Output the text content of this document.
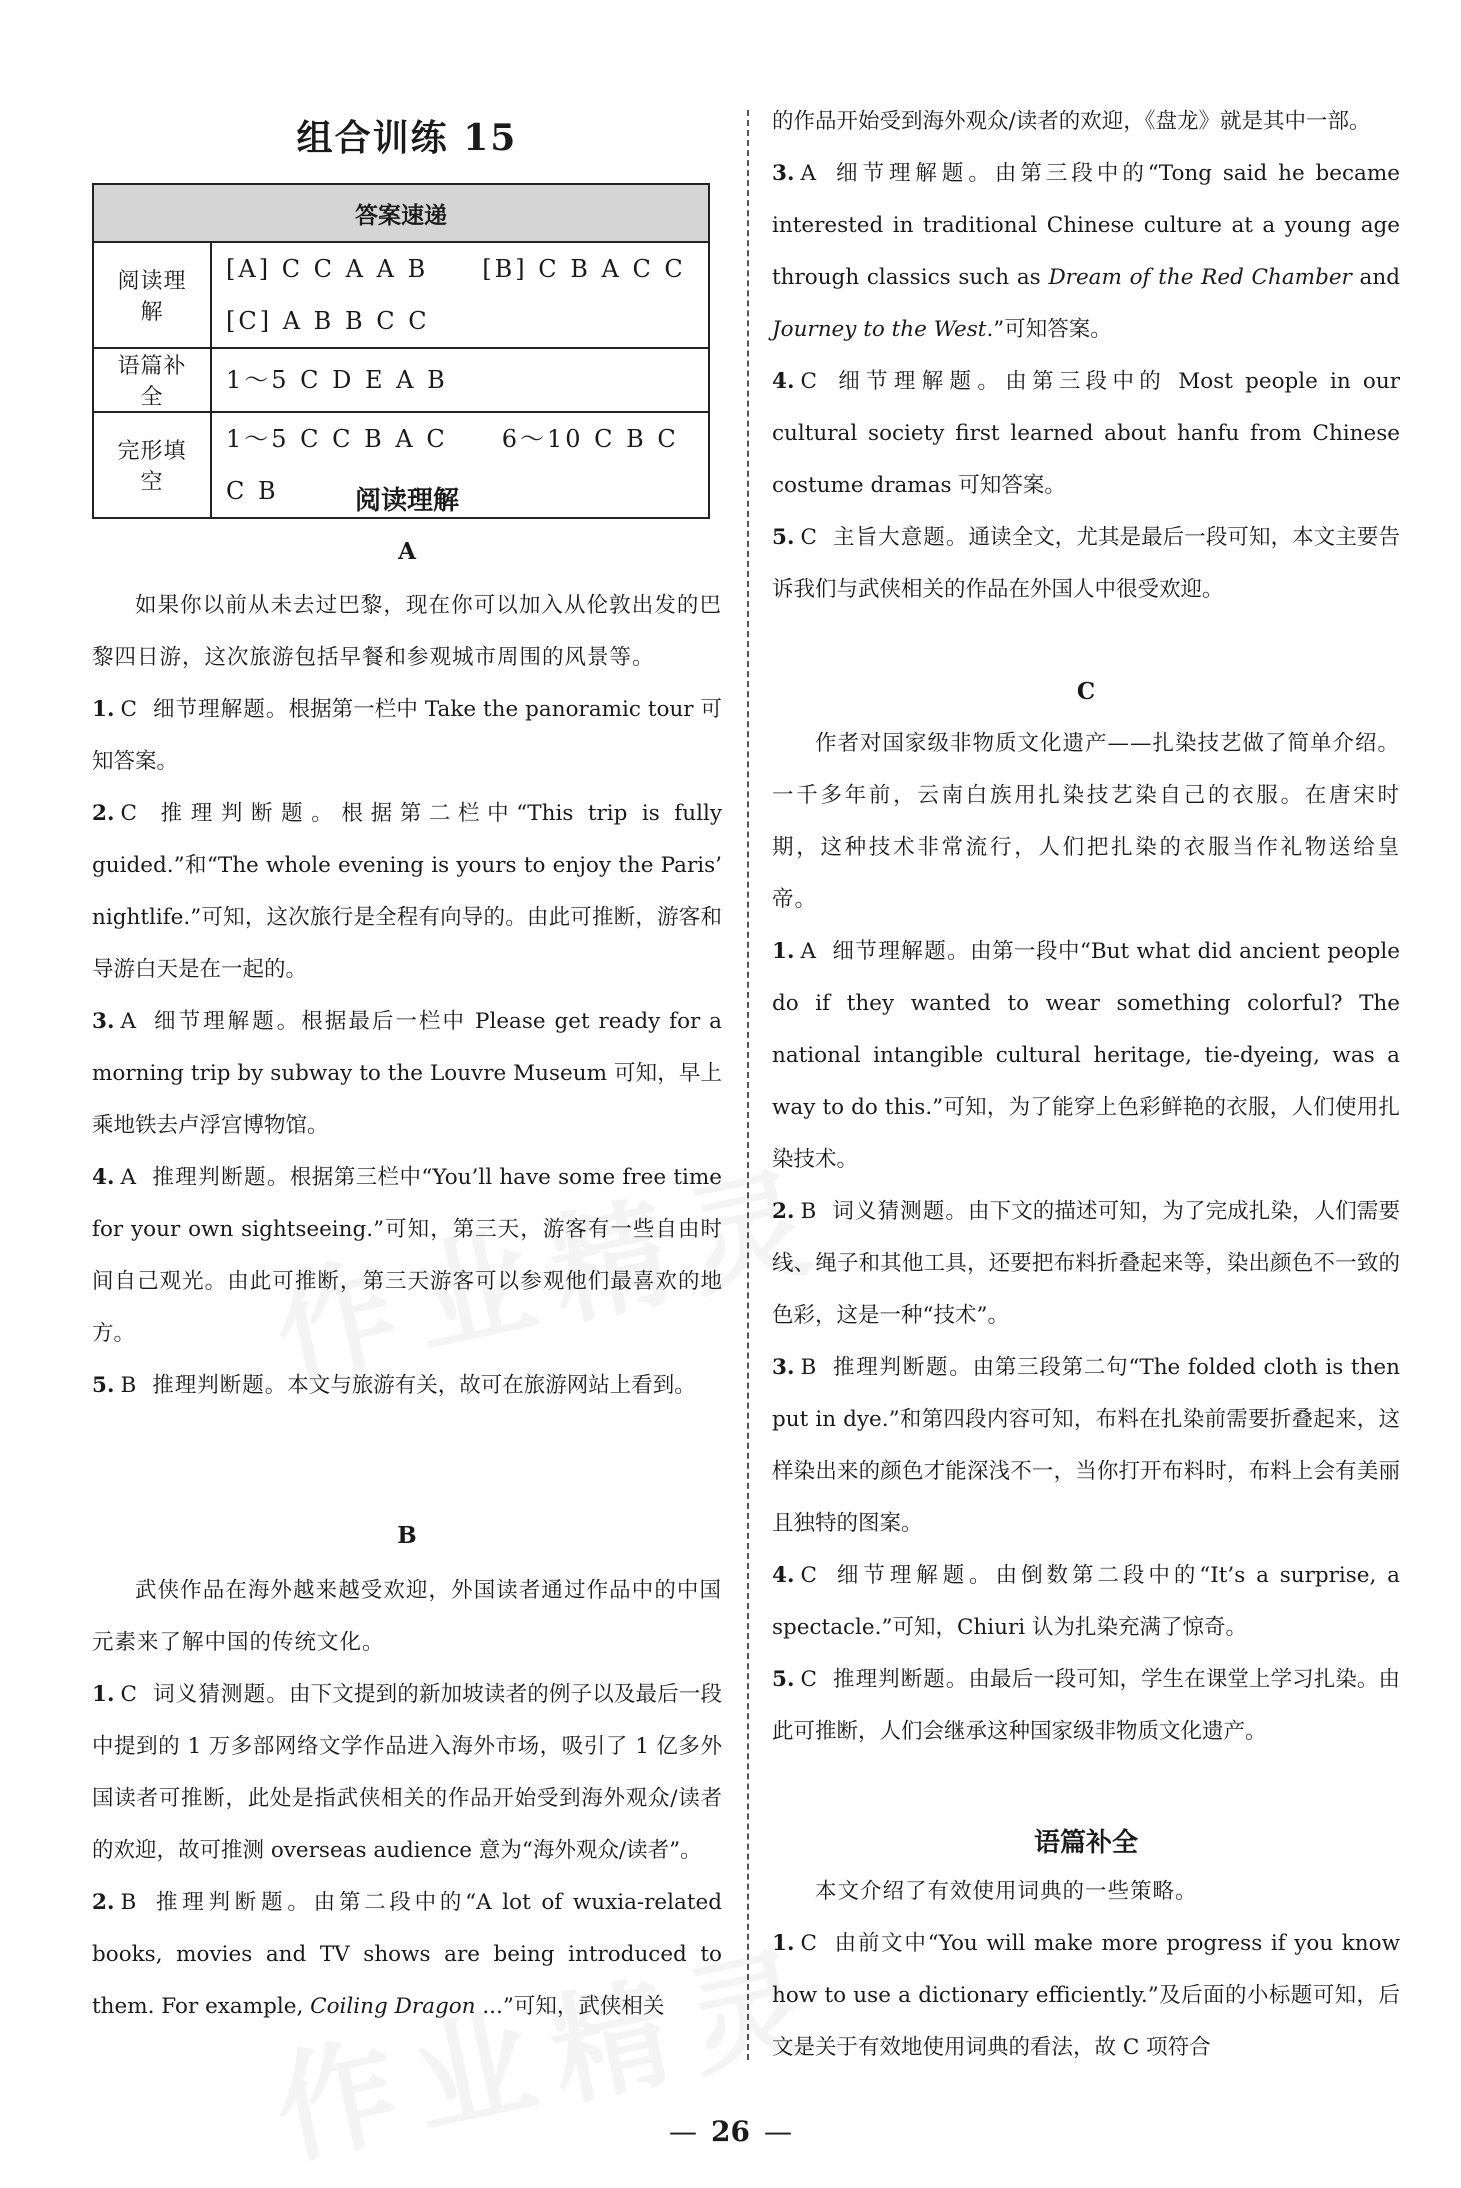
组合训练 15
答案速递	
阅读理解	[A] C C A A B　　[B] C B A C C
[C] A B B C C

语篇补全	1～5 C D E A B

完形填空	1～5 C C B A C　　6～10 C B C C B	阅读理解
A
如果你以前从未去过巴黎，现在你可以加入从伦敦出发的巴黎四日游，这次旅游包括早餐和参观城市周围的风景等。
1. C 细节理解题。根据第一栏中 Take the panoramic tour 可知答案。
2. C 推理判断题。根据第二栏中“This trip is fully guided.”和“The whole evening is yours to enjoy the Paris’ nightlife.”可知，这次旅行是全程有向导的。由此可推断，游客和导游白天是在一起的。
3. A 细节理解题。根据最后一栏中 Please get ready for a morning trip by subway to the Louvre Museum 可知，早上乘地铁去卢浮宫博物馆。
4. A 推理判断题。根据第三栏中“You’ll have some free time for your own sightseeing.”可知，第三天，游客有一些自由时间自己观光。由此可推断，第三天游客可以参观他们最喜欢的地方。
5. B 推理判断题。本文与旅游有关，故可在旅游网站上看到。
B
武侠作品在海外越来越受欢迎，外国读者通过作品中的中国元素来了解中国的传统文化。
1. C 词义猜测题。由下文提到的新加坡读者的例子以及最后一段中提到的 1 万多部网络文学作品进入海外市场，吸引了 1 亿多外国读者可推断，此处是指武侠相关的作品开始受到海外观众/读者的欢迎，故可推测 overseas audience 意为“海外观众/读者”。
2. B 推理判断题。由第二段中的“A lot of wuxia-related books, movies and TV shows are being introduced to them. For example, Coiling Dragon ...”可知，武侠相关
的作品开始受到海外观众/读者的欢迎，《盘龙》就是其中一部。
3. A 细节理解题。由第三段中的“Tong said he became interested in traditional Chinese culture at a young age through classics such as Dream of the Red Chamber and Journey to the West.”可知答案。
4. C 细节理解题。由第三段中的 Most people in our cultural society first learned about hanfu from Chinese costume dramas 可知答案。
5. C 主旨大意题。通读全文，尤其是最后一段可知，本文主要告诉我们与武侠相关的作品在外国人中很受欢迎。
C
作者对国家级非物质文化遗产——扎染技艺做了简单介绍。一千多年前，云南白族用扎染技艺染自己的衣服。在唐宋时期，这种技术非常流行，人们把扎染的衣服当作礼物送给皇帝。
1. A 细节理解题。由第一段中“But what did ancient people do if they wanted to wear something colorful? The national intangible cultural heritage, tie-dyeing, was a way to do this.”可知，为了能穿上色彩鲜艳的衣服，人们使用扎染技术。
2. B 词义猜测题。由下文的描述可知，为了完成扎染，人们需要线、绳子和其他工具，还要把布料折叠起来等，染出颜色不一致的色彩，这是一种“技术”。
3. B 推理判断题。由第三段第二句“The folded cloth is then put in dye.”和第四段内容可知，布料在扎染前需要折叠起来，这样染出来的颜色才能深浅不一，当你打开布料时，布料上会有美丽且独特的图案。
4. C 细节理解题。由倒数第二段中的“It’s a surprise, a spectacle.”可知，Chiuri 认为扎染充满了惊奇。
5. C 推理判断题。由最后一段可知，学生在课堂上学习扎染。由此可推断，人们会继承这种国家级非物质文化遗产。
语篇补全
本文介绍了有效使用词典的一些策略。
1. C 由前文中“You will make more progress if you know how to use a dictionary efficiently.”及后面的小标题可知，后文是关于有效地使用词典的看法，故 C 项符合
— 26 —
